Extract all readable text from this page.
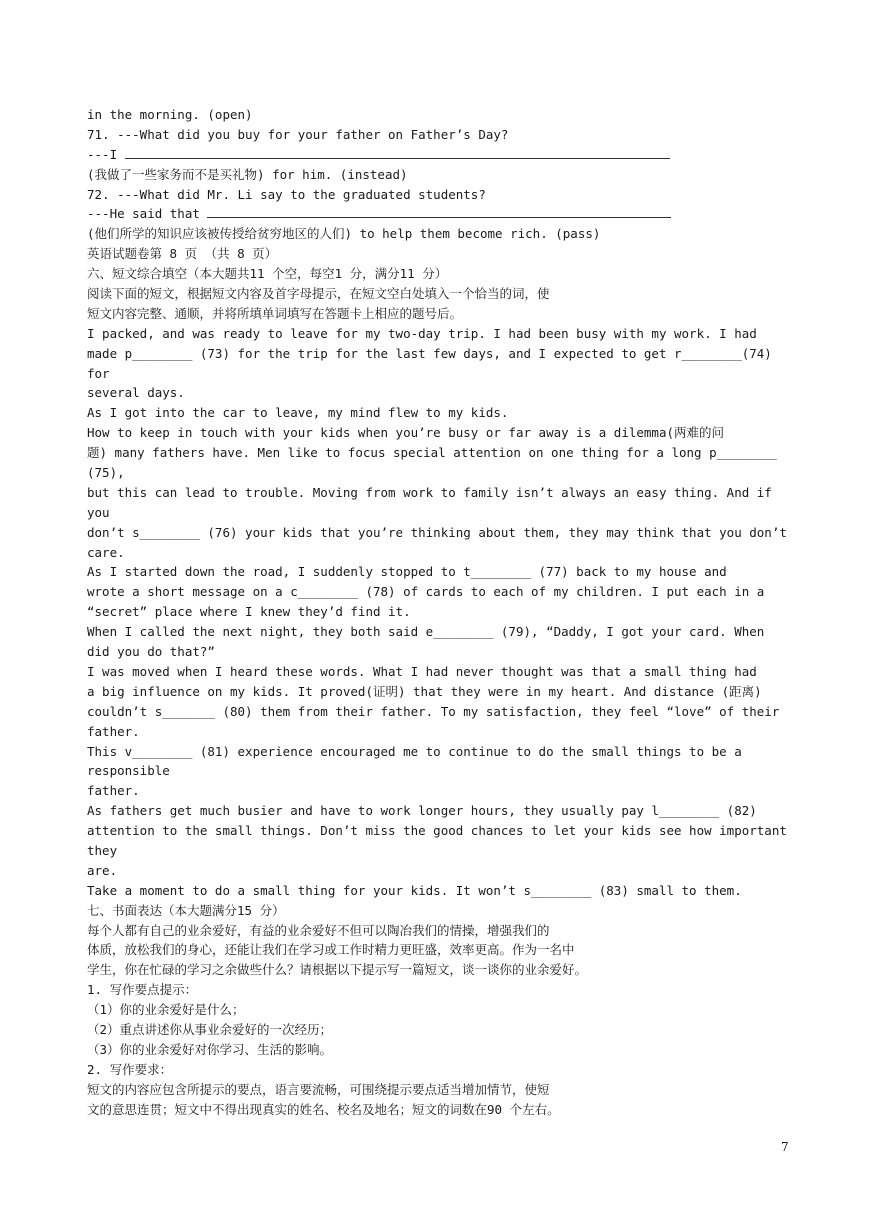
in the morning. (open)
71. ---What did you buy for your father on Father’s Day?
---I
(我做了一些家务而不是买礼物) for him. (instead)
72. ---What did Mr. Li say to the graduated students?
---He said that
(他们所学的知识应该被传授给贫穷地区的人们) to help them become rich. (pass)
英语试题卷第 8 页 （共 8 页）
六、短文综合填空（本大题共11 个空，每空1 分，满分11 分）
阅读下面的短文，根据短文内容及首字母提示，在短文空白处填入一个恰当的词，使
短文内容完整、通顺，并将所填单词填写在答题卡上相应的题号后。
I packed, and was ready to leave for my two-day trip. I had been busy with my work. I had
made p________ (73) for the trip for the last few days, and I expected to get r________(74)
for
several days.
As I got into the car to leave, my mind flew to my kids.
How to keep in touch with your kids when you’re busy or far away is a dilemma(两难的问
题) many fathers have. Men like to focus special attention on one thing for a long p________
(75),
but this can lead to trouble. Moving from work to family isn’t always an easy thing. And if
you
don’t s________ (76) your kids that you’re thinking about them, they may think that you don’t
care.
As I started down the road, I suddenly stopped to t________ (77) back to my house and
wrote a short message on a c________ (78) of cards to each of my children. I put each in a
“secret” place where I knew they’d find it.
When I called the next night, they both said e________ (79), “Daddy, I got your card. When
did you do that?”
I was moved when I heard these words. What I had never thought was that a small thing had
a big influence on my kids. It proved(证明) that they were in my heart. And distance (距离)
couldn’t s_______ (80) them from their father. To my satisfaction, they feel “love” of their
father.
This v________ (81) experience encouraged me to continue to do the small things to be a
responsible
father.
As fathers get much busier and have to work longer hours, they usually pay l________ (82)
attention to the small things. Don’t miss the good chances to let your kids see how important
they
are.
Take a moment to do a small thing for your kids. It won’t s________ (83) small to them.
七、书面表达（本大题满分15 分）
每个人都有自己的业余爱好，有益的业余爱好不但可以陶冶我们的情操，增强我们的
体质，放松我们的身心，还能让我们在学习或工作时精力更旺盛，效率更高。作为一名中
学生，你在忙碌的学习之余做些什么？请根据以下提示写一篇短文，谈一谈你的业余爱好。
1. 写作要点提示：
（1）你的业余爱好是什么；
（2）重点讲述你从事业余爱好的一次经历；
（3）你的业余爱好对你学习、生活的影响。
2. 写作要求：
短文的内容应包含所提示的要点，语言要流畅，可围绕提示要点适当增加情节，使短
文的意思连贯；短文中不得出现真实的姓名、校名及地名；短文的词数在90 个左右。
7
